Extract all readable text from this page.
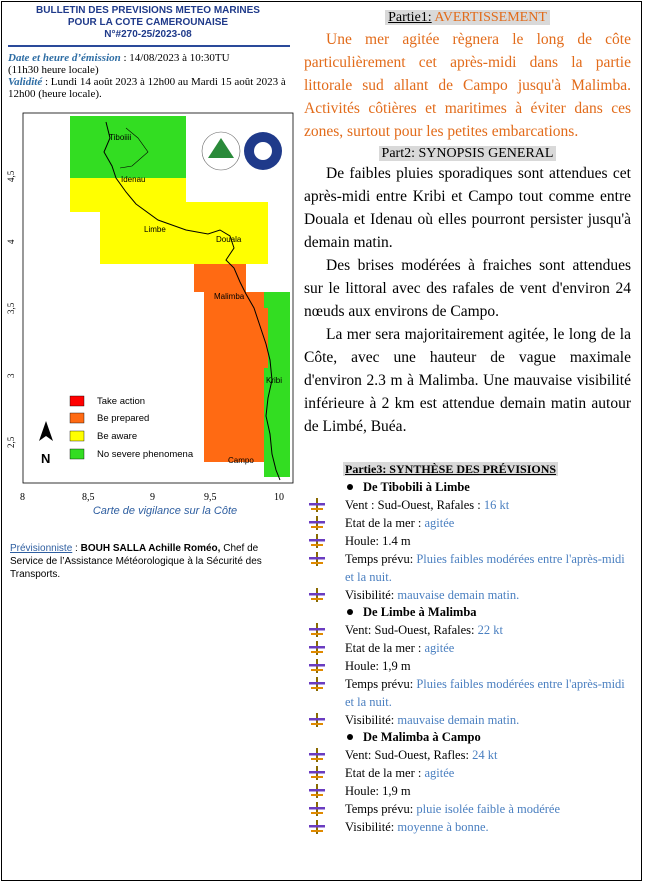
BULLETIN DES PREVISIONS METEO MARINES
POUR LA COTE CAMEROUNAISE
N°#270-25/2023-08
Date et heure d’émission : 14/08/2023 à 10:30TU
(11h30 heure locale)
Validité : Lundi 14 août 2023 à 12h00 au Mardi 15 août 2023 à 12h00 (heure locale).
Take action
Be prepared
Be aware
No severe phenomena
N
Tiboiiii
Idenau
Limbe
Douala
Malimba
Kribi
Campo
8	8,5	9	9,5	10
4,5
4
3,5
3
2,5
Carte de vigilance sur la Côte
Prévisionniste : BOUH SALLA Achille Roméo, Chef de Service de l’Assistance Météorologique à la Sécurité des Transports.
Partie1: AVERTISSEMENT
Une mer agitée règnera le long de côte particulièrement cet après-midi dans la partie littorale sud allant de Campo jusqu'à Malimba. Activités côtières et maritimes à éviter dans ces zones, surtout pour les petites embarcations.
Part2: SYNOPSIS GENERAL

De faibles pluies sporadiques sont attendues cet après-midi entre Kribi et Campo tout comme entre Douala et Idenau où elles pourront persister jusqu'à demain matin.

Des brises modérées à fraiches sont attendues sur le littoral avec des rafales de vent d'environ 24 nœuds aux environs de Campo.

La mer sera majoritairement agitée, le long de la Côte, avec une hauteur de vague maximale d'environ 2.3 m à Malimba. Une mauvaise visibilité inférieure à 2 km est attendue demain matin autour de Limbé, Buéa.

Partie3: SYNTHÈSE DES PRÉVISIONS
De Tibobili à Limbe
Vent : Sud-Ouest, Rafales : 16 kt
Etat de la mer : agitée
Houle: 1.4 m
Temps prévu: Pluies faibles modérées entre l'après-midi et la nuit.
Visibilité: mauvaise demain matin.
De Limbe à Malimba
Vent: Sud-Ouest, Rafales: 22 kt
Etat de la mer : agitée
Houle: 1,9 m
Temps prévu: Pluies faibles modérées entre l'après-midi et la nuit.
Visibilité: mauvaise demain matin.
De Malimba à Campo
Vent: Sud-Ouest, Rafles: 24 kt
Etat de la mer : agitée
Houle: 1,9 m
Temps prévu: pluie isolée faible à modérée
Visibilité: moyenne à bonne.
